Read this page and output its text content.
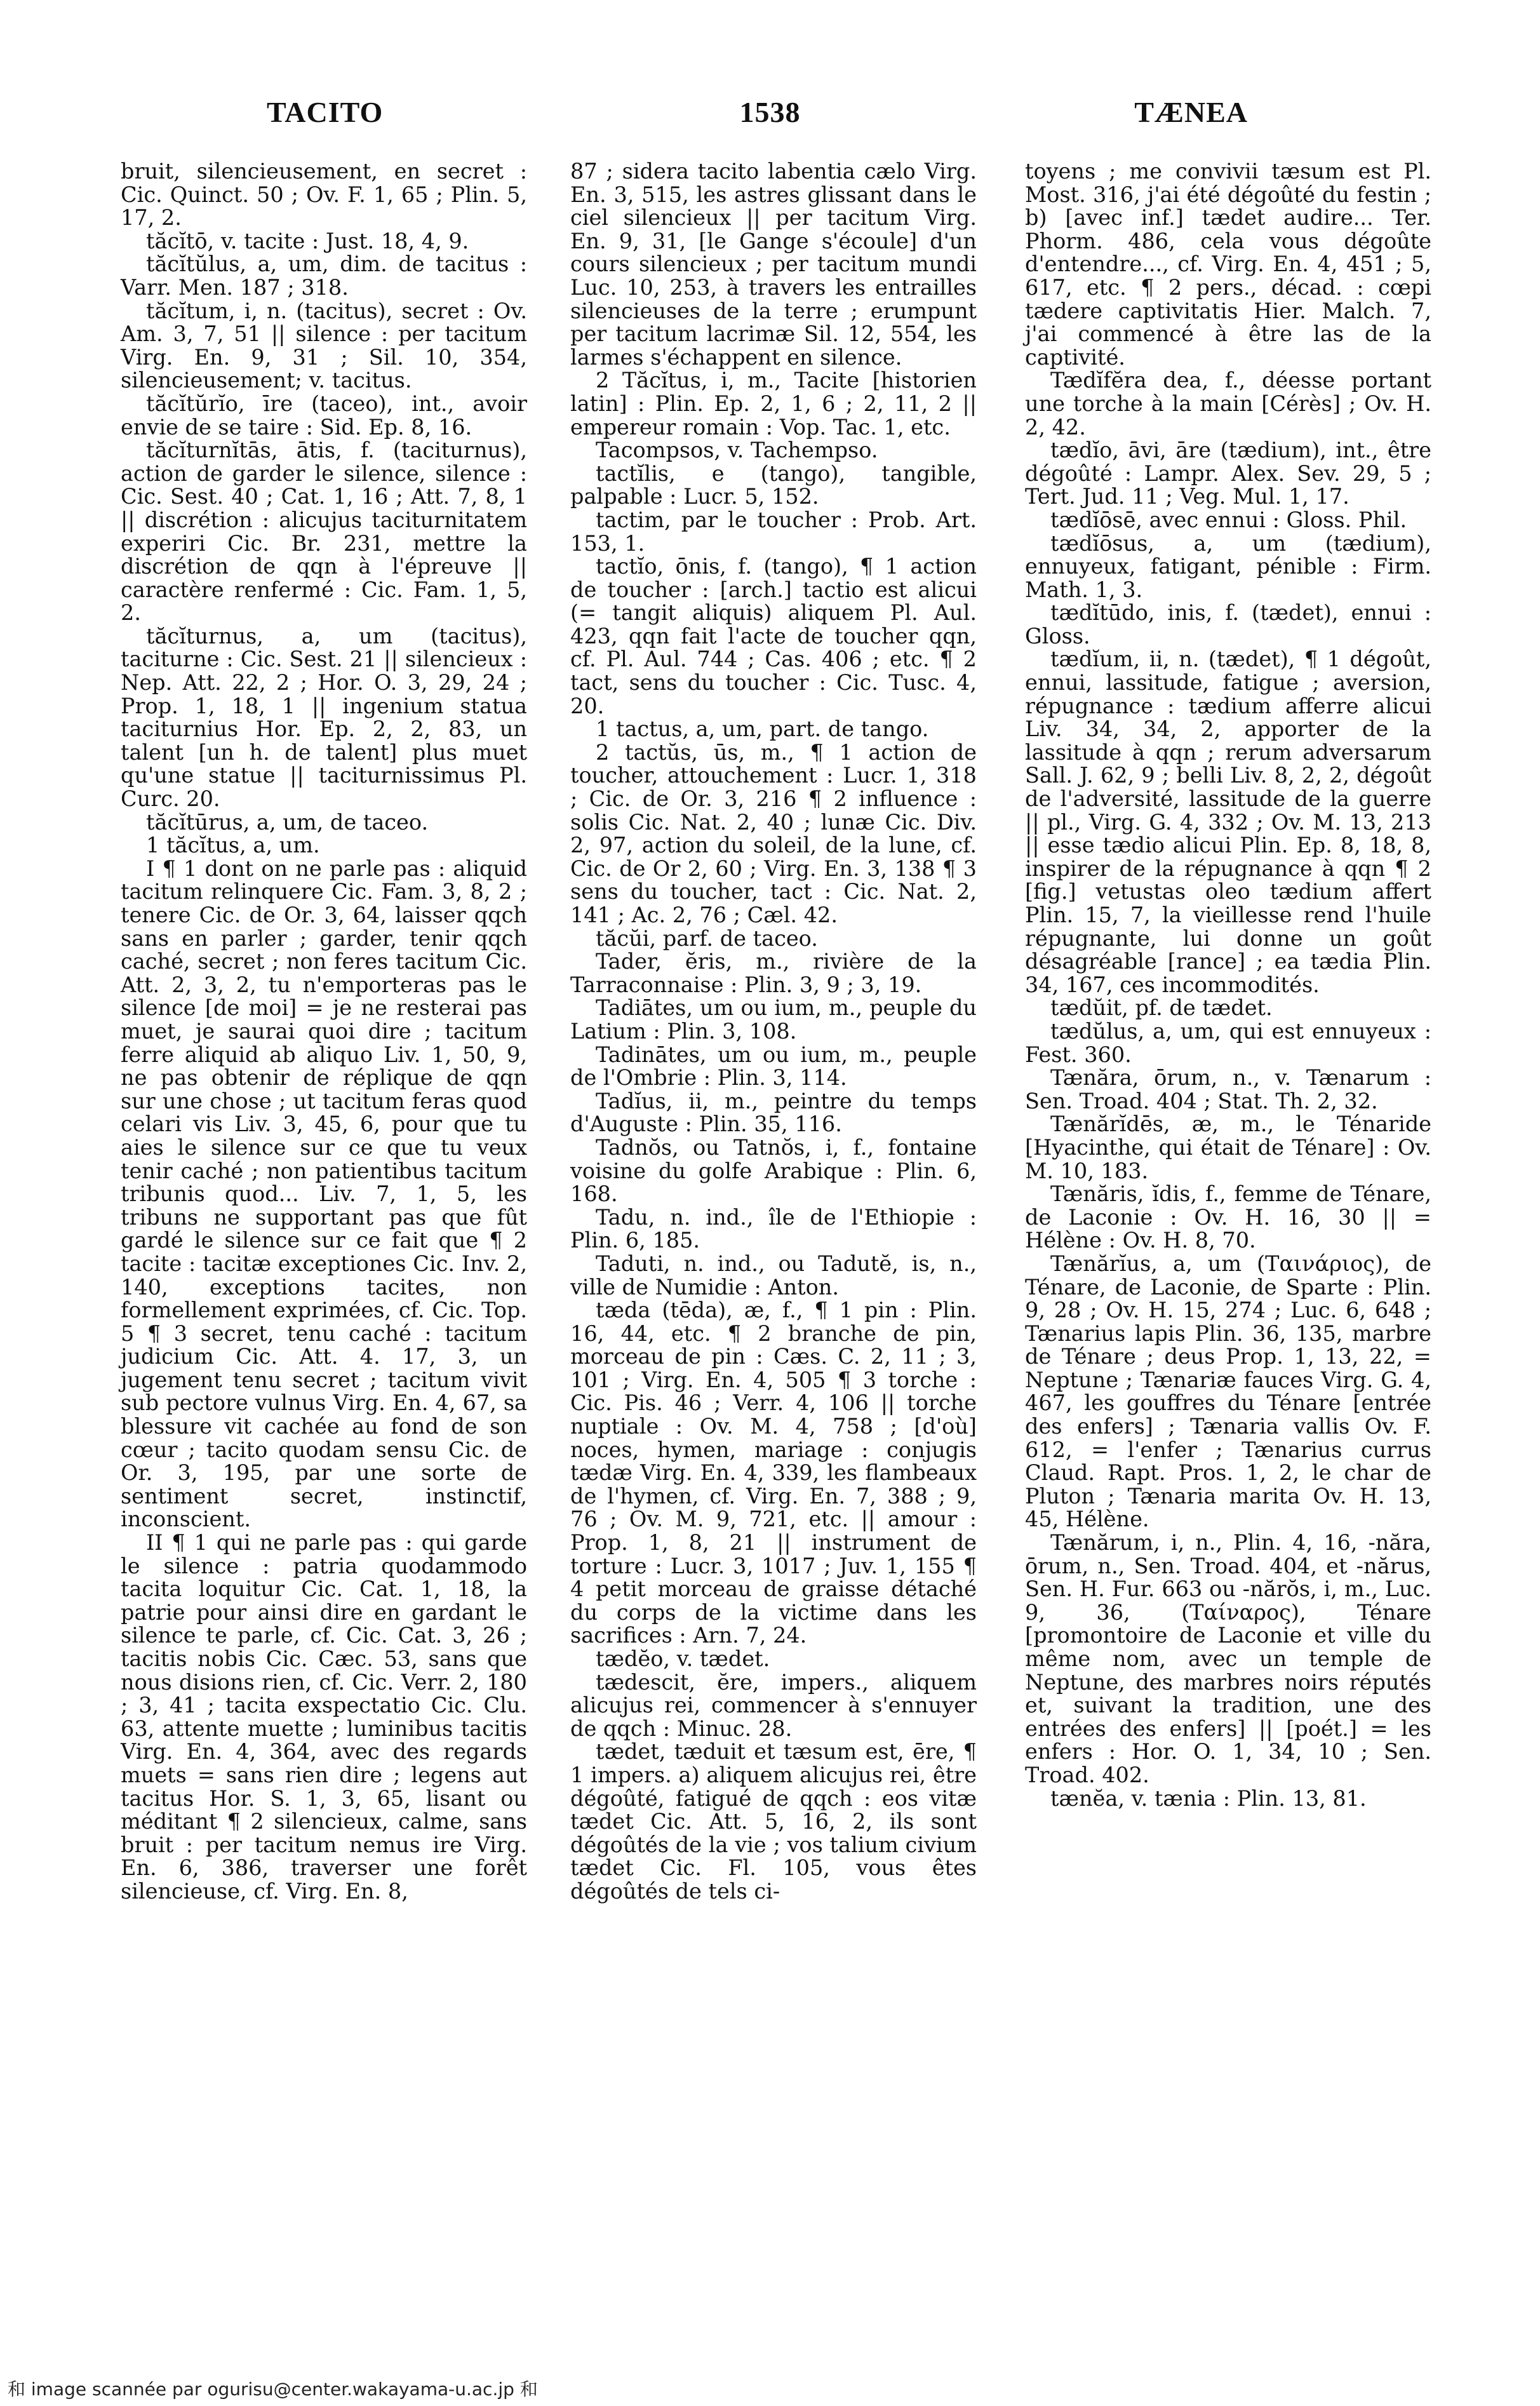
TACITO	1538	TÆNEA

bruit, silencieusement, en secret : Cic. Quinct. 50 ; Ov. F. 1, 65 ; Plin. 5, 17, 2.

tăcĭtō, v. tacite : Just. 18, 4, 9.

tăcĭtŭlus, a, um, dim. de tacitus : Varr. Men. 187 ; 318.

tăcĭtum, i, n. (tacitus), secret : Ov. Am. 3, 7, 51 || silence : per tacitum Virg. En. 9, 31 ; Sil. 10, 354, silencieusement; v. tacitus.

tăcĭtŭrĭo, īre (taceo), int., avoir envie de se taire : Sid. Ep. 8, 16.

tăcĭturnĭtās, ātis, f. (taciturnus), action de garder le silence, silence : Cic. Sest. 40 ; Cat. 1, 16 ; Att. 7, 8, 1 || discrétion : alicujus taciturnitatem experiri Cic. Br. 231, mettre la discrétion de qqn à l'épreuve || caractère renfermé : Cic. Fam. 1, 5, 2.

tăcĭturnus, a, um (tacitus), taciturne : Cic. Sest. 21 || silencieux : Nep. Att. 22, 2 ; Hor. O. 3, 29, 24 ; Prop. 1, 18, 1 || ingenium statua taciturnius Hor. Ep. 2, 2, 83, un talent [un h. de talent] plus muet qu'une statue || taciturnissimus Pl. Curc. 20.

tăcĭtūrus, a, um, de taceo.

1 tăcĭtus, a, um.

I ¶ 1 dont on ne parle pas : aliquid tacitum relinquere Cic. Fam. 3, 8, 2 ; tenere Cic. de Or. 3, 64, laisser qqch sans en parler ; garder, tenir qqch caché, secret ; non feres tacitum Cic. Att. 2, 3, 2, tu n'emporteras pas le silence [de moi] = je ne resterai pas muet, je saurai quoi dire ; tacitum ferre aliquid ab aliquo Liv. 1, 50, 9, ne pas obtenir de réplique de qqn sur une chose ; ut tacitum feras quod celari vis Liv. 3, 45, 6, pour que tu aies le silence sur ce que tu veux tenir caché ; non patientibus tacitum tribunis quod... Liv. 7, 1, 5, les tribuns ne supportant pas que fût gardé le silence sur ce fait que ¶ 2 tacite : tacitæ exceptiones Cic. Inv. 2, 140, exceptions tacites, non formellement exprimées, cf. Cic. Top. 5 ¶ 3 secret, tenu caché : tacitum judicium Cic. Att. 4. 17, 3, un jugement tenu secret ; tacitum vivit sub pectore vulnus Virg. En. 4, 67, sa blessure vit cachée au fond de son cœur ; tacito quodam sensu Cic. de Or. 3, 195, par une sorte de sentiment secret, instinctif, inconscient.

II ¶ 1 qui ne parle pas : qui garde le silence : patria quodammodo tacita loquitur Cic. Cat. 1, 18, la patrie pour ainsi dire en gardant le silence te parle, cf. Cic. Cat. 3, 26 ; tacitis nobis Cic. Cæc. 53, sans que nous disions rien, cf. Cic. Verr. 2, 180 ; 3, 41 ; tacita exspectatio Cic. Clu. 63, attente muette ; luminibus tacitis Virg. En. 4, 364, avec des regards muets = sans rien dire ; legens aut tacitus Hor. S. 1, 3, 65, lisant ou méditant ¶ 2 silencieux, calme, sans bruit : per tacitum nemus ire Virg. En. 6, 386, traverser une forêt silencieuse, cf. Virg. En. 8,

87 ; sidera tacito labentia cælo Virg. En. 3, 515, les astres glissant dans le ciel silencieux || per tacitum Virg. En. 9, 31, [le Gange s'écoule] d'un cours silencieux ; per tacitum mundi Luc. 10, 253, à travers les entrailles silencieuses de la terre ; erumpunt per tacitum lacrimæ Sil. 12, 554, les larmes s'échappent en silence.

2 Tăcĭtus, i, m., Tacite [historien latin] : Plin. Ep. 2, 1, 6 ; 2, 11, 2 || empereur romain : Vop. Tac. 1, etc.

Tacompsos, v. Tachempso.

tactĭlis, e (tango), tangible, palpable : Lucr. 5, 152.

tactim, par le toucher : Prob. Art. 153, 1.

tactĭo, ōnis, f. (tango), ¶ 1 action de toucher : [arch.] tactio est alicui (= tangit aliquis) aliquem Pl. Aul. 423, qqn fait l'acte de toucher qqn, cf. Pl. Aul. 744 ; Cas. 406 ; etc. ¶ 2 tact, sens du toucher : Cic. Tusc. 4, 20.

1 tactus, a, um, part. de tango.

2 tactŭs, ūs, m., ¶ 1 action de toucher, attouchement : Lucr. 1, 318 ; Cic. de Or. 3, 216 ¶ 2 influence : solis Cic. Nat. 2, 40 ; lunæ Cic. Div. 2, 97, action du soleil, de la lune, cf. Cic. de Or 2, 60 ; Virg. En. 3, 138 ¶ 3 sens du toucher, tact : Cic. Nat. 2, 141 ; Ac. 2, 76 ; Cæl. 42.

tăcŭi, parf. de taceo.

Tader, ĕris, m., rivière de la Tarraconnaise : Plin. 3, 9 ; 3, 19.

Tadiātes, um ou ium, m., peuple du Latium : Plin. 3, 108.

Tadinātes, um ou ium, m., peuple de l'Ombrie : Plin. 3, 114.

Tadĭus, ii, m., peintre du temps d'Auguste : Plin. 35, 116.

Tadnŏs, ou Tatnŏs, i, f., fontaine voisine du golfe Arabique : Plin. 6, 168.

Tadu, n. ind., île de l'Ethiopie : Plin. 6, 185.

Taduti, n. ind., ou Tadutĕ, is, n., ville de Numidie : Anton.

tæda (tēda), æ, f., ¶ 1 pin : Plin. 16, 44, etc. ¶ 2 branche de pin, morceau de pin : Cæs. C. 2, 11 ; 3, 101 ; Virg. En. 4, 505 ¶ 3 torche : Cic. Pis. 46 ; Verr. 4, 106 || torche nuptiale : Ov. M. 4, 758 ; [d'où] noces, hymen, mariage : conjugis tædæ Virg. En. 4, 339, les flambeaux de l'hymen, cf. Virg. En. 7, 388 ; 9, 76 ; Ov. M. 9, 721, etc. || amour : Prop. 1, 8, 21 || instrument de torture : Lucr. 3, 1017 ; Juv. 1, 155 ¶ 4 petit morceau de graisse détaché du corps de la victime dans les sacrifices : Arn. 7, 24.

tædĕo, v. tædet.

tædescit, ĕre, impers., aliquem alicujus rei, commencer à s'ennuyer de qqch : Minuc. 28.

tædet, tæduit et tæsum est, ēre, ¶ 1 impers. a) aliquem alicujus rei, être dégoûté, fatigué de qqch : eos vitæ tædet Cic. Att. 5, 16, 2, ils sont dégoûtés de la vie ; vos talium civium tædet Cic. Fl. 105, vous êtes dégoûtés de tels ci-

toyens ; me convivii tæsum est Pl. Most. 316, j'ai été dégoûté du festin ; b) [avec inf.] tædet audire... Ter. Phorm. 486, cela vous dégoûte d'entendre..., cf. Virg. En. 4, 451 ; 5, 617, etc. ¶ 2 pers., décad. : cœpi tædere captivitatis Hier. Malch. 7, j'ai commencé à être las de la captivité.

Tædĭfĕra dea, f., déesse portant une torche à la main [Cérès] ; Ov. H. 2, 42.

tædĭo, āvi, āre (tædium), int., être dégoûté : Lampr. Alex. Sev. 29, 5 ; Tert. Jud. 11 ; Veg. Mul. 1, 17.

tædĭōsē, avec ennui : Gloss. Phil.

tædĭōsus, a, um (tædium), ennuyeux, fatigant, pénible : Firm. Math. 1, 3.

tædĭtūdo, inis, f. (tædet), ennui : Gloss.

tædĭum, ii, n. (tædet), ¶ 1 dégoût, ennui, lassitude, fatigue ; aversion, répugnance : tædium afferre alicui Liv. 34, 34, 2, apporter de la lassitude à qqn ; rerum adversarum Sall. J. 62, 9 ; belli Liv. 8, 2, 2, dégoût de l'adversité, lassitude de la guerre || pl., Virg. G. 4, 332 ; Ov. M. 13, 213 || esse tædio alicui Plin. Ep. 8, 18, 8, inspirer de la répugnance à qqn ¶ 2 [fig.] vetustas oleo tædium affert Plin. 15, 7, la vieillesse rend l'huile répugnante, lui donne un goût désagréable [rance] ; ea tædia Plin. 34, 167, ces incommodités.

tædŭit, pf. de tædet.

tædŭlus, a, um, qui est ennuyeux : Fest. 360.

Tænăra, ōrum, n., v. Tænarum : Sen. Troad. 404 ; Stat. Th. 2, 32.

Tænărĭdēs, æ, m., le Ténaride [Hyacinthe, qui était de Ténare] : Ov. M. 10, 183.

Tænăris, ĭdis, f., femme de Ténare, de Laconie : Ov. H. 16, 30 || = Hélène : Ov. H. 8, 70.

Tænărĭus, a, um (Ταινάριος), de Ténare, de Laconie, de Sparte : Plin. 9, 28 ; Ov. H. 15, 274 ; Luc. 6, 648 ; Tænarius lapis Plin. 36, 135, marbre de Ténare ; deus Prop. 1, 13, 22, = Neptune ; Tænariæ fauces Virg. G. 4, 467, les gouffres du Ténare [entrée des enfers] ; Tænaria vallis Ov. F. 612, = l'enfer ; Tænarius currus Claud. Rapt. Pros. 1, 2, le char de Pluton ; Tænaria marita Ov. H. 13, 45, Hélène.

Tænărum, i, n., Plin. 4, 16, -năra, ōrum, n., Sen. Troad. 404, et -nărus, Sen. H. Fur. 663 ou -nărŏs, i, m., Luc. 9, 36, (Ταίναρος), Ténare [promontoire de Laconie et ville du même nom, avec un temple de Neptune, des marbres noirs réputés et, suivant la tradition, une des entrées des enfers] || [poét.] = les enfers : Hor. O. 1, 34, 10 ; Sen. Troad. 402.

tænĕa, v. tænia : Plin. 13, 81.

和 image scannée par ogurisu@center.wakayama-u.ac.jp 和
